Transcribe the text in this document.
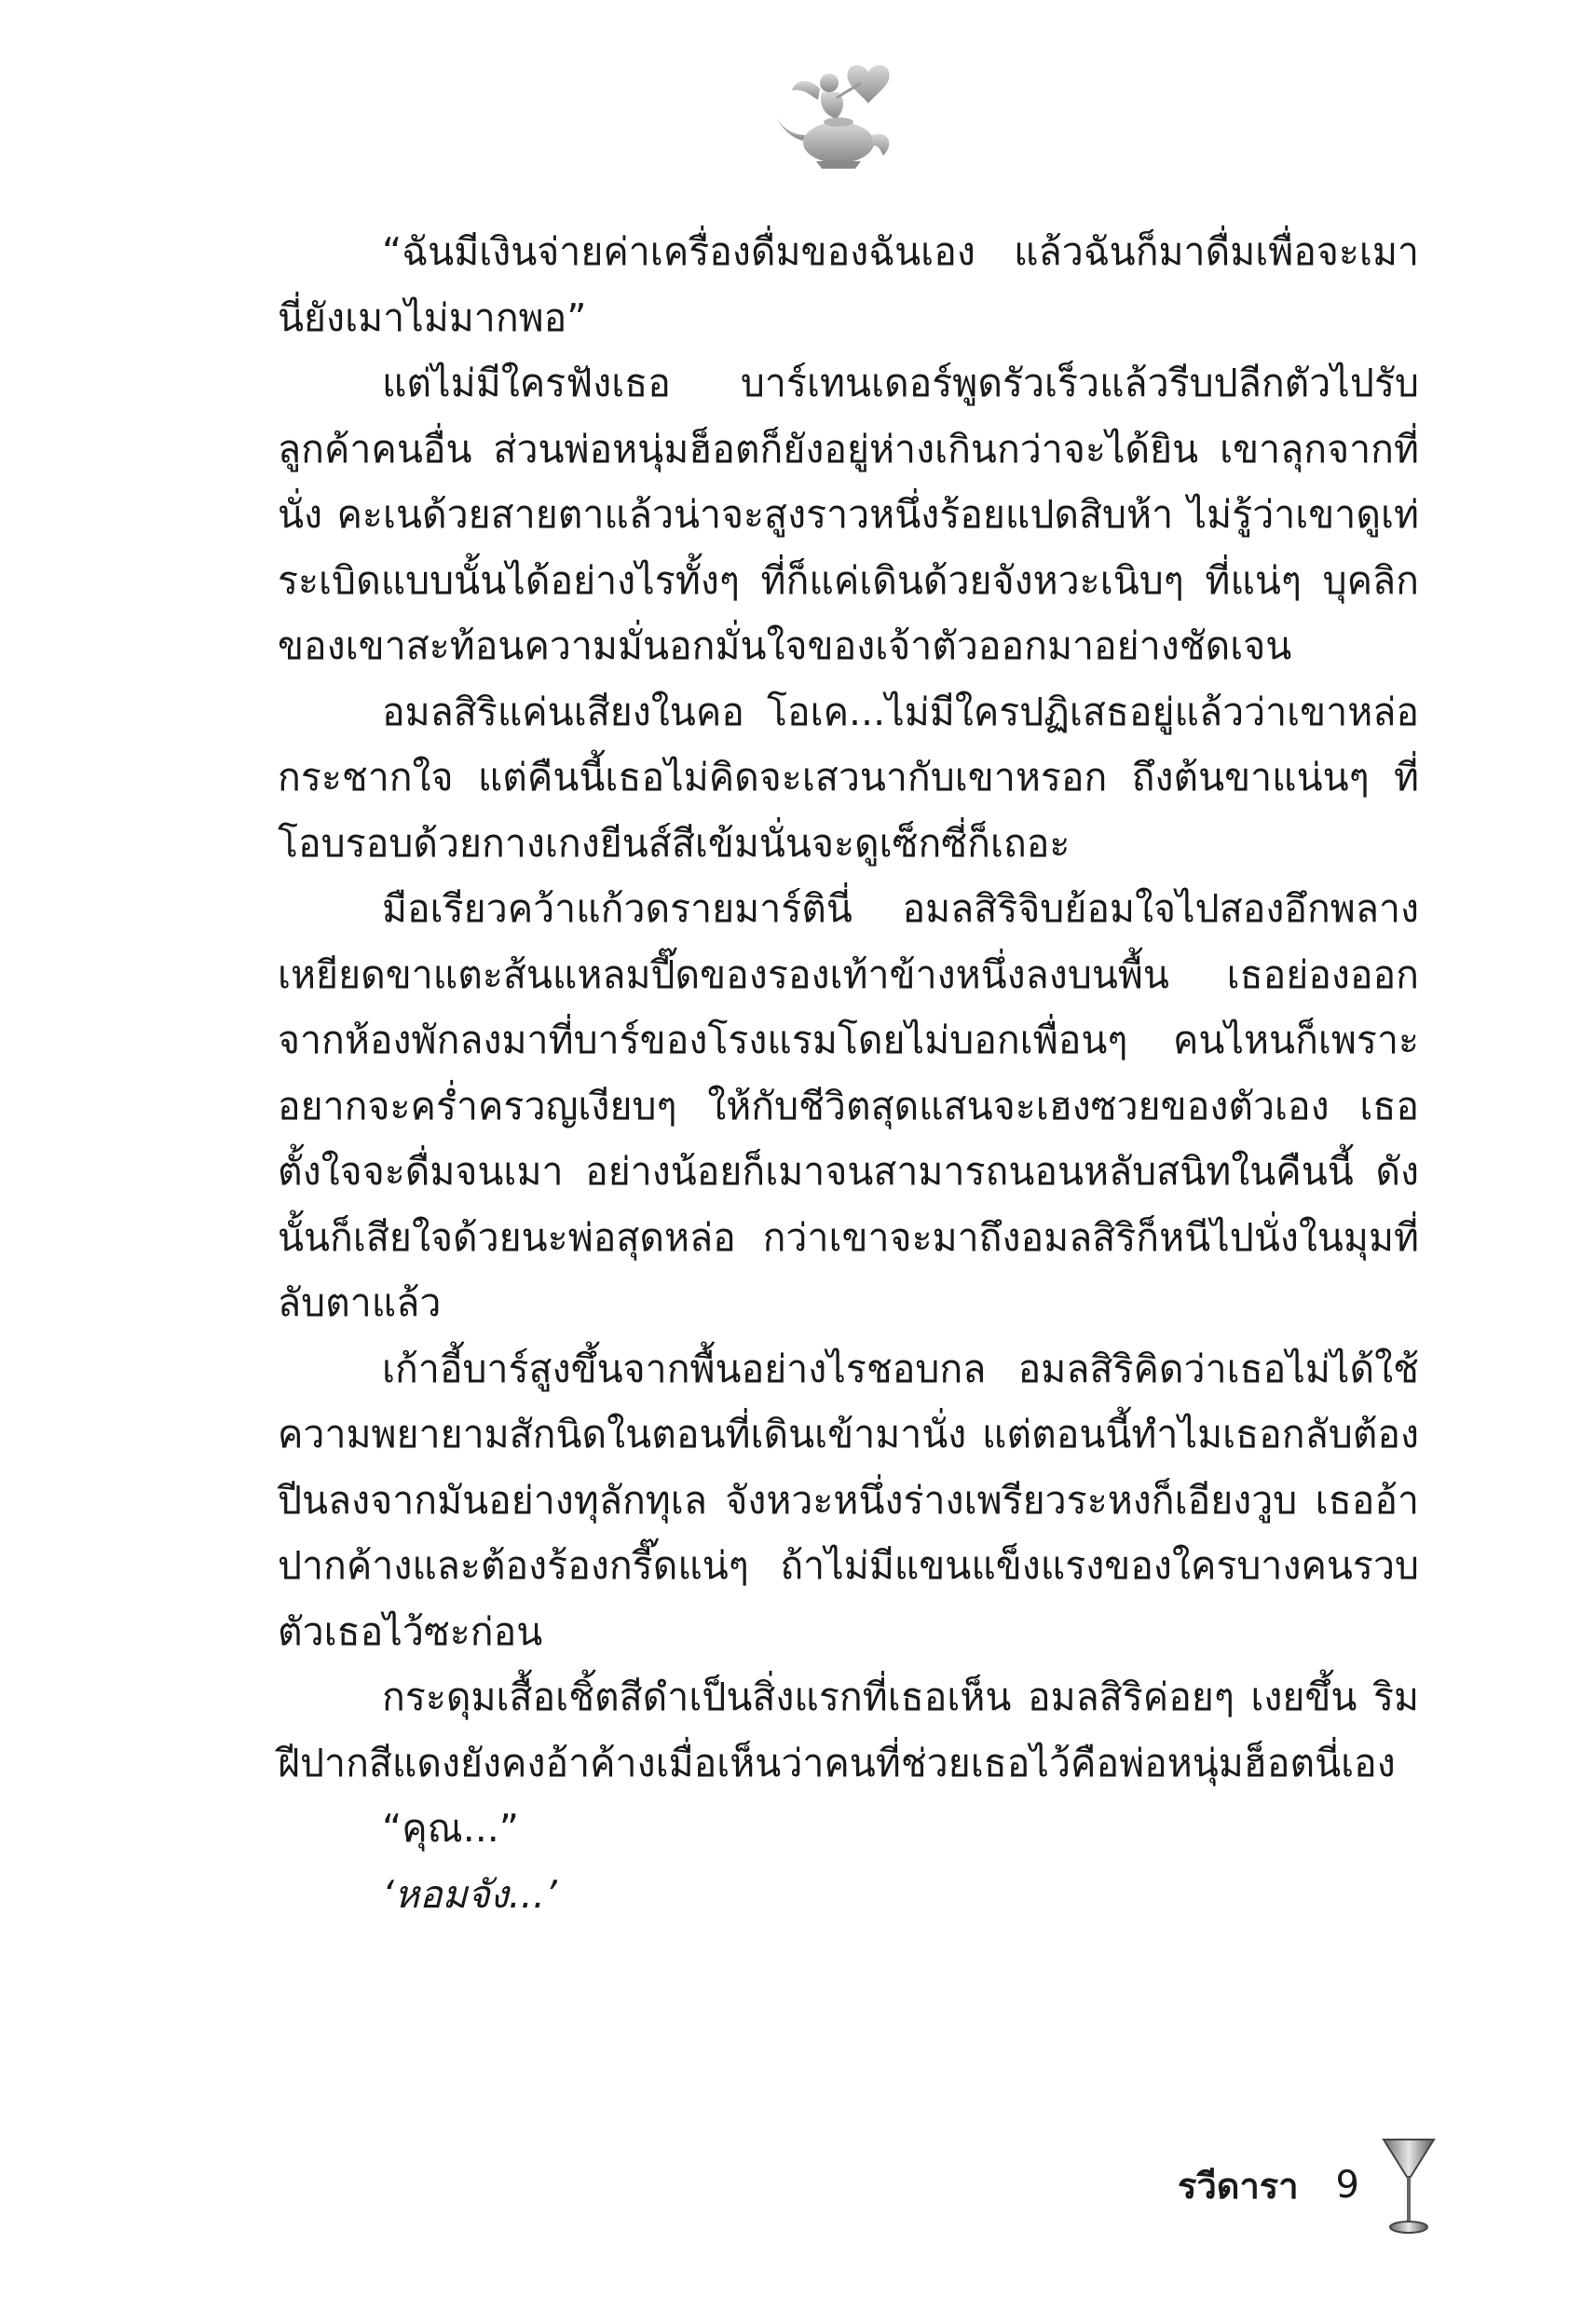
“ฉันมีเงินจ่ายค่าเครื่องดื่มของฉันเอง แล้วฉันก็มาดื่มเพื่อจะเมา นี่ยังเมาไม่มากพอ”

แต่ไม่มีใครฟังเธอ บาร์เทนเดอร์พูดรัวเร็วแล้วรีบปลีกตัวไปรับลูกค้าคนอื่น ส่วนพ่อหนุ่มฮ็อตก็ยังอยู่ห่างเกินกว่าจะได้ยิน เขาลุกจากที่นั่ง คะเนด้วยสายตาแล้วน่าจะสูงราวหนึ่งร้อยแปดสิบห้า ไม่รู้ว่าเขาดูเท่ระเบิดแบบนั้นได้อย่างไรทั้งๆ ที่ก็แค่เดินด้วยจังหวะเนิบๆ ที่แน่ๆ บุคลิกของเขาสะท้อนความมั่นอกมั่นใจของเจ้าตัวออกมาอย่างชัดเจน

อมลสิริแค่นเสียงในคอ โอเค...ไม่มีใครปฏิเสธอยู่แล้วว่าเขาหล่อกระชากใจ แต่คืนนี้เธอไม่คิดจะเสวนากับเขาหรอก ถึงต้นขาแน่นๆ ที่โอบรอบด้วยกางเกงยีนส์สีเข้มนั่นจะดูเซ็กซี่ก็เถอะ

มือเรียวคว้าแก้วดรายมาร์ตินี่ อมลสิริจิบย้อมใจไปสองอึกพลางเหยียดขาแตะส้นแหลมปี๊ดของรองเท้าข้างหนึ่งลงบนพื้น เธอย่องออกจากห้องพักลงมาที่บาร์ของโรงแรมโดยไม่บอกเพื่อนๆ คนไหนก็เพราะอยากจะคร่ำครวญเงียบๆ ให้กับชีวิตสุดแสนจะเฮงซวยของตัวเอง เธอตั้งใจจะดื่มจนเมา อย่างน้อยก็เมาจนสามารถนอนหลับสนิทในคืนนี้ ดังนั้นก็เสียใจด้วยนะพ่อสุดหล่อ กว่าเขาจะมาถึงอมลสิริก็หนีไปนั่งในมุมที่ลับตาแล้ว

เก้าอี้บาร์สูงขึ้นจากพื้นอย่างไรชอบกล อมลสิริคิดว่าเธอไม่ได้ใช้ความพยายามสักนิดในตอนที่เดินเข้ามานั่ง แต่ตอนนี้ทำไมเธอกลับต้องปีนลงจากมันอย่างทุลักทุเล จังหวะหนึ่งร่างเพรียวระหงก็เอียงวูบ เธออ้าปากค้างและต้องร้องกรี๊ดแน่ๆ ถ้าไม่มีแขนแข็งแรงของใครบางคนรวบตัวเธอไว้ซะก่อน

กระดุมเสื้อเชิ้ตสีดำเป็นสิ่งแรกที่เธอเห็น อมลสิริค่อยๆ เงยขึ้น ริมฝีปากสีแดงยังคงอ้าค้างเมื่อเห็นว่าคนที่ช่วยเธอไว้คือพ่อหนุ่มฮ็อตนี่เอง

“คุณ...”

‘หอมจัง...’

รวีดารา 9
